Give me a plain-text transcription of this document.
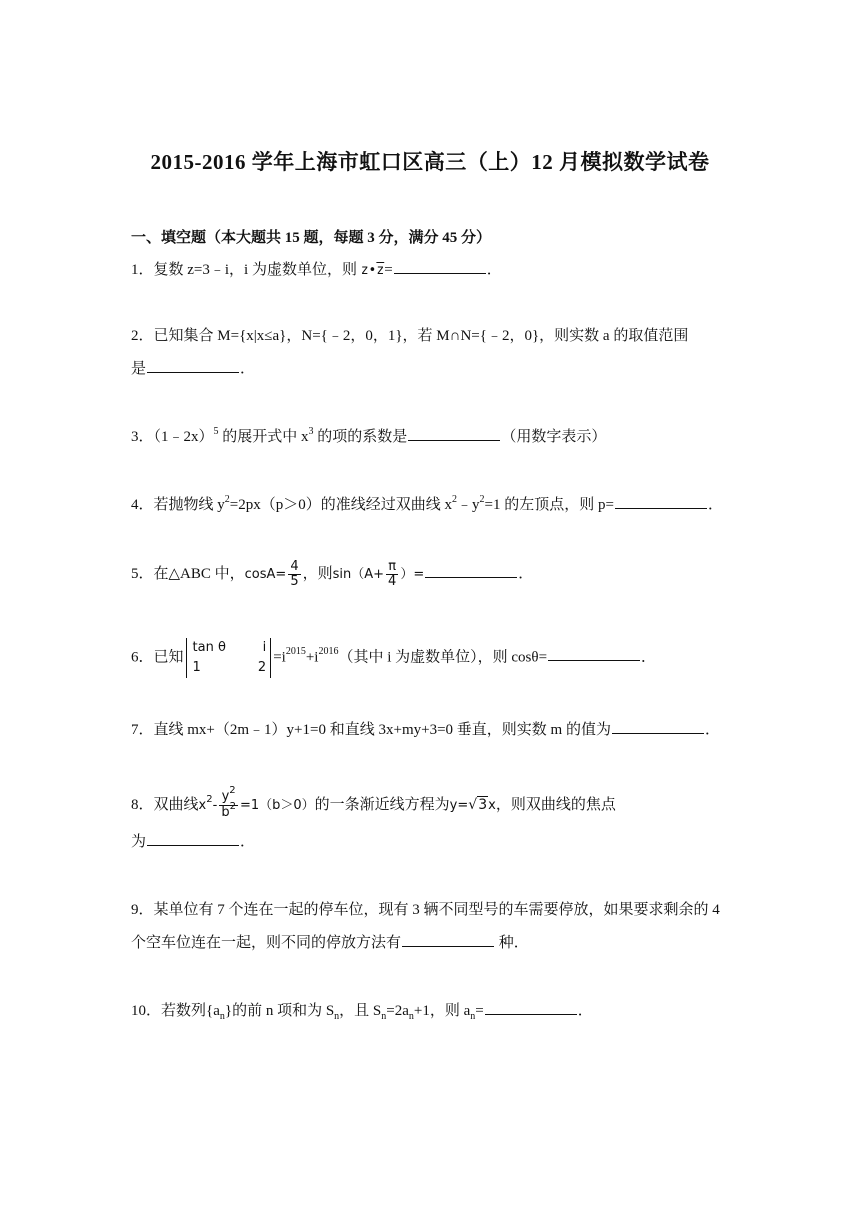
2015-2016 学年上海市虹口区高三（上）12 月模拟数学试卷
一、填空题（本大题共 15 题，每题 3 分，满分 45 分）
1．复数 z=3﹣i，i 为虚数单位，则 $z•\overline{z}=$	．
2．已知集合 M={x|x≤a}，N={﹣2，0，1}，若 M∩N={﹣2，0}，则实数 a 的取值范围
是	．
3．（1﹣2x）$^5$ 的展开式中 $x^3$ 的项的系数是	（用数字表示）
4．若抛物线 $y^2=2px(p>0)$的准线经过双曲线 $x^2﹣y^2=1$ 的左顶点，则 p=	．
5．在△ABC 中，$\cos A= \frac{4}{5}$ ，则$\sin(A+ \frac{\pi}{4}$ ）=	．
6．已知
tan θ	i
1	2
$=i^{2015}+i^{2016}$（其中 i 为虚数单位），则 cosθ=	．
7．直线 mx+（2m﹣1）y+1=0 和直线 3x+my+3=0 垂直，则实数 m 的值为	．
8．双曲线$x^2- \frac{y^2}{b^2} =1(b>0)$的一条渐近线方程为y=√3x，则双曲线的焦点
为	．
9．某单位有 7 个连在一起的停车位，现有 3 辆不同型号的车需要停放，如果要求剩余的 4
个空车位连在一起，则不同的停放方法有	种．
10．若数列$\{a_n\}$的前 n 项和为 $S_n$，且 $S_n=2a_n+1$，则 $a_n=$	．
